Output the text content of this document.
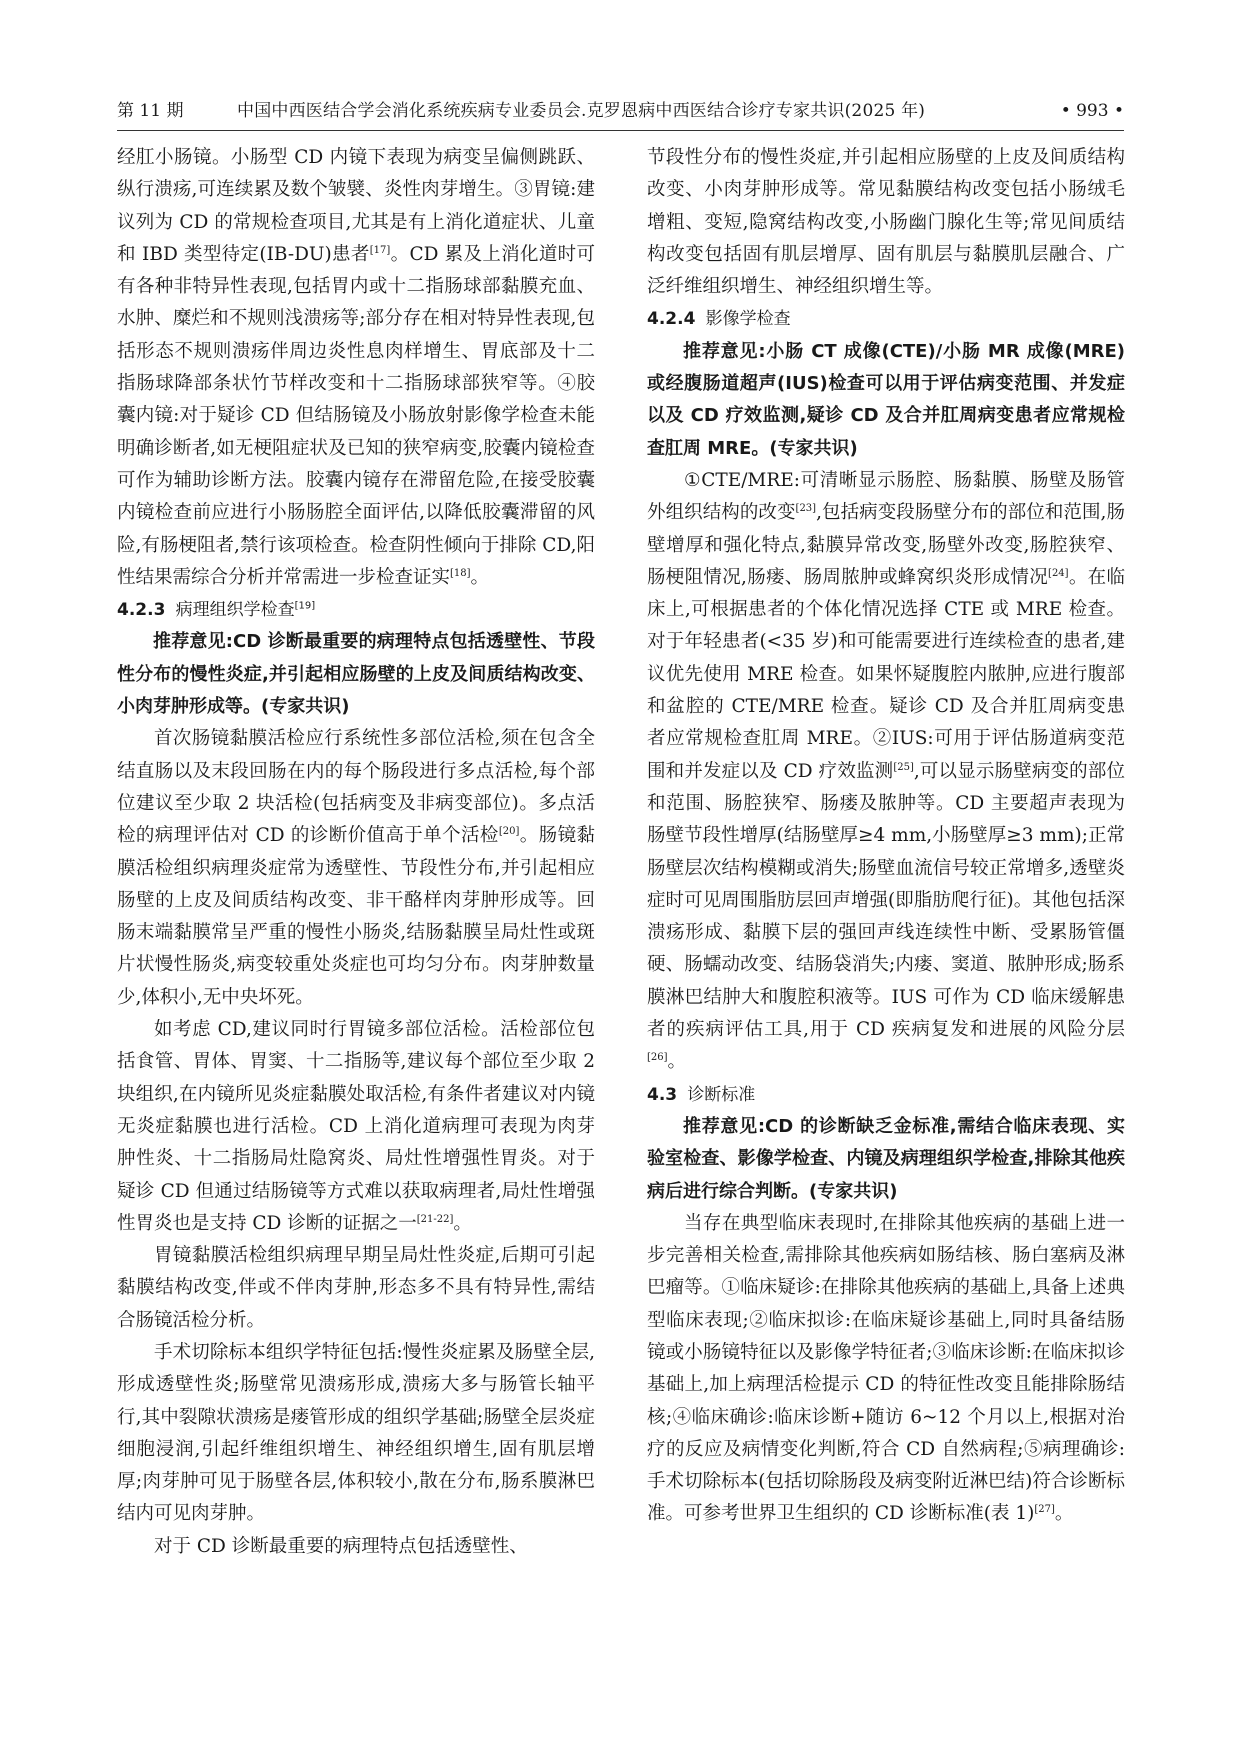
第 11 期	中国中西医结合学会消化系统疾病专业委员会.克罗恩病中西医结合诊疗专家共识(2025 年)	• 993 •

经肛小肠镜。小肠型 CD 内镜下表现为病变呈偏侧跳跃、纵行溃疡,可连续累及数个皱襞、炎性肉芽增生。③胃镜:建议列为 CD 的常规检查项目,尤其是有上消化道症状、儿童和 IBD 类型待定(IB-DU)患者[17]。CD 累及上消化道时可有各种非特异性表现,包括胃内或十二指肠球部黏膜充血、水肿、糜烂和不规则浅溃疡等;部分存在相对特异性表现,包括形态不规则溃疡伴周边炎性息肉样增生、胃底部及十二指肠球降部条状竹节样改变和十二指肠球部狭窄等。④胶囊内镜:对于疑诊 CD 但结肠镜及小肠放射影像学检查未能明确诊断者,如无梗阻症状及已知的狭窄病变,胶囊内镜检查可作为辅助诊断方法。胶囊内镜存在滞留危险,在接受胶囊内镜检查前应进行小肠肠腔全面评估,以降低胶囊滞留的风险,有肠梗阻者,禁行该项检查。检查阴性倾向于排除 CD,阳性结果需综合分析并常需进一步检查证实[18]。

4.2.3 病理组织学检查[19]

推荐意见:CD 诊断最重要的病理特点包括透壁性、节段性分布的慢性炎症,并引起相应肠壁的上皮及间质结构改变、小肉芽肿形成等。(专家共识)

首次肠镜黏膜活检应行系统性多部位活检,须在包含全结直肠以及末段回肠在内的每个肠段进行多点活检,每个部位建议至少取 2 块活检(包括病变及非病变部位)。多点活检的病理评估对 CD 的诊断价值高于单个活检[20]。肠镜黏膜活检组织病理炎症常为透壁性、节段性分布,并引起相应肠壁的上皮及间质结构改变、非干酪样肉芽肿形成等。回肠末端黏膜常呈严重的慢性小肠炎,结肠黏膜呈局灶性或斑片状慢性肠炎,病变较重处炎症也可均匀分布。肉芽肿数量少,体积小,无中央坏死。

如考虑 CD,建议同时行胃镜多部位活检。活检部位包括食管、胃体、胃窦、十二指肠等,建议每个部位至少取 2 块组织,在内镜所见炎症黏膜处取活检,有条件者建议对内镜无炎症黏膜也进行活检。CD 上消化道病理可表现为肉芽肿性炎、十二指肠局灶隐窝炎、局灶性增强性胃炎。对于疑诊 CD 但通过结肠镜等方式难以获取病理者,局灶性增强性胃炎也是支持 CD 诊断的证据之一[21-22]。

胃镜黏膜活检组织病理早期呈局灶性炎症,后期可引起黏膜结构改变,伴或不伴肉芽肿,形态多不具有特异性,需结合肠镜活检分析。

手术切除标本组织学特征包括:慢性炎症累及肠壁全层,形成透壁性炎;肠壁常见溃疡形成,溃疡大多与肠管长轴平行,其中裂隙状溃疡是瘘管形成的组织学基础;肠壁全层炎症细胞浸润,引起纤维组织增生、神经组织增生,固有肌层增厚;肉芽肿可见于肠壁各层,体积较小,散在分布,肠系膜淋巴结内可见肉芽肿。

对于 CD 诊断最重要的病理特点包括透壁性、

节段性分布的慢性炎症,并引起相应肠壁的上皮及间质结构改变、小肉芽肿形成等。常见黏膜结构改变包括小肠绒毛增粗、变短,隐窝结构改变,小肠幽门腺化生等;常见间质结构改变包括固有肌层增厚、固有肌层与黏膜肌层融合、广泛纤维组织增生、神经组织增生等。

4.2.4 影像学检查

推荐意见:小肠 CT 成像(CTE)/小肠 MR 成像(MRE)或经腹肠道超声(IUS)检查可以用于评估病变范围、并发症以及 CD 疗效监测,疑诊 CD 及合并肛周病变患者应常规检查肛周 MRE。(专家共识)

①CTE/MRE:可清晰显示肠腔、肠黏膜、肠壁及肠管外组织结构的改变[23],包括病变段肠壁分布的部位和范围,肠壁增厚和强化特点,黏膜异常改变,肠壁外改变,肠腔狭窄、肠梗阻情况,肠瘘、肠周脓肿或蜂窝织炎形成情况[24]。在临床上,可根据患者的个体化情况选择 CTE 或 MRE 检查。对于年轻患者(<35 岁)和可能需要进行连续检查的患者,建议优先使用 MRE 检查。如果怀疑腹腔内脓肿,应进行腹部和盆腔的 CTE/MRE 检查。疑诊 CD 及合并肛周病变患者应常规检查肛周 MRE。②IUS:可用于评估肠道病变范围和并发症以及 CD 疗效监测[25],可以显示肠壁病变的部位和范围、肠腔狭窄、肠瘘及脓肿等。CD 主要超声表现为肠壁节段性增厚(结肠壁厚≥4 mm,小肠壁厚≥3 mm);正常肠壁层次结构模糊或消失;肠壁血流信号较正常增多,透壁炎症时可见周围脂肪层回声增强(即脂肪爬行征)。其他包括深溃疡形成、黏膜下层的强回声线连续性中断、受累肠管僵硬、肠蠕动改变、结肠袋消失;内瘘、窦道、脓肿形成;肠系膜淋巴结肿大和腹腔积液等。IUS 可作为 CD 临床缓解患者的疾病评估工具,用于 CD 疾病复发和进展的风险分层[26]。

4.3 诊断标准

推荐意见:CD 的诊断缺乏金标准,需结合临床表现、实验室检查、影像学检查、内镜及病理组织学检查,排除其他疾病后进行综合判断。(专家共识)

当存在典型临床表现时,在排除其他疾病的基础上进一步完善相关检查,需排除其他疾病如肠结核、肠白塞病及淋巴瘤等。①临床疑诊:在排除其他疾病的基础上,具备上述典型临床表现;②临床拟诊:在临床疑诊基础上,同时具备结肠镜或小肠镜特征以及影像学特征者;③临床诊断:在临床拟诊基础上,加上病理活检提示 CD 的特征性改变且能排除肠结核;④临床确诊:临床诊断+随访 6~12 个月以上,根据对治疗的反应及病情变化判断,符合 CD 自然病程;⑤病理确诊:手术切除标本(包括切除肠段及病变附近淋巴结)符合诊断标准。可参考世界卫生组织的 CD 诊断标准(表 1)[27]。
